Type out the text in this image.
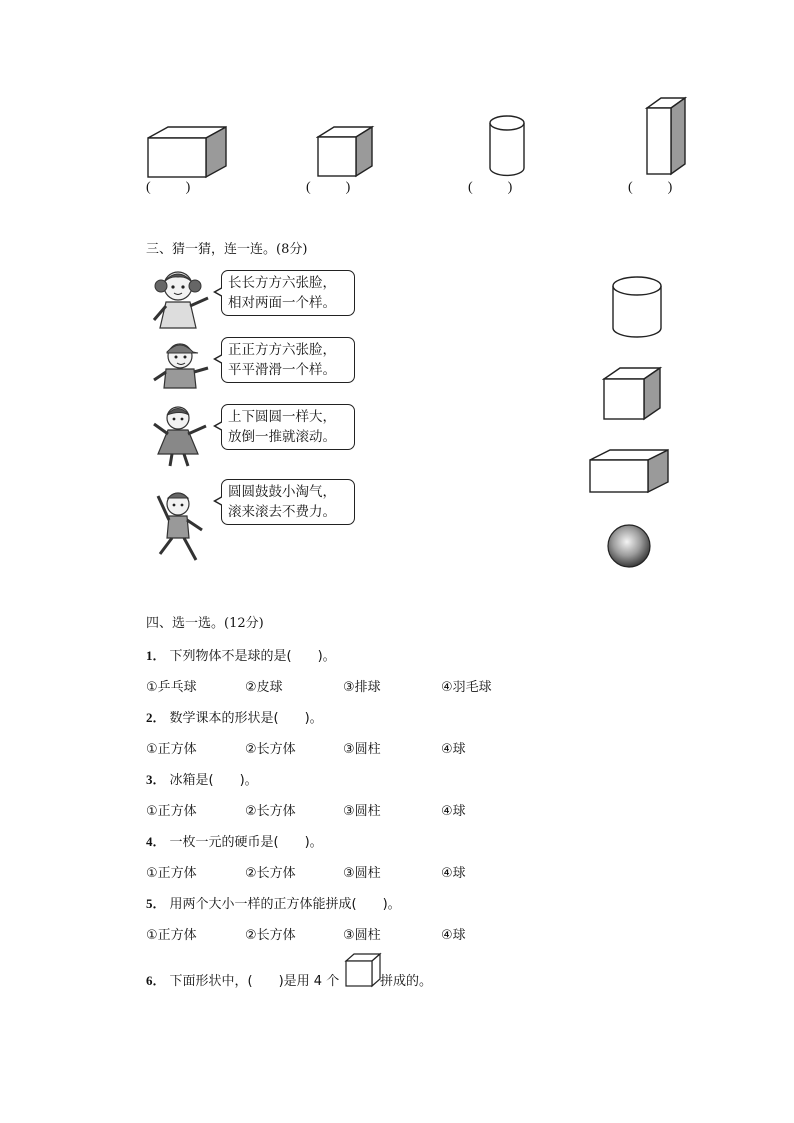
(          )	(          )	(          )	(          )
三、猜一猜，连一连。(8分)
长长方方六张脸，
相对两面一个样。
正正方方六张脸，
平平滑滑一个样。
上下圆圆一样大，
放倒一推就滚动。
圆圆鼓鼓小淘气，
滚来滚去不费力。
四、选一选。(12分)
1． 下列物体不是球的是(　　)。
①乒乓球	②皮球	③排球	④羽毛球
2． 数学课本的形状是(　　)。
①正方体	②长方体	③圆柱	④球
3． 冰箱是(　　)。
①正方体	②长方体	③圆柱	④球
4． 一枚一元的硬币是(　　)。
①正方体	②长方体	③圆柱	④球
5． 用两个大小一样的正方体能拼成(　　)。
①正方体	②长方体	③圆柱	④球
6． 下面形状中，(　　)是用 4 个	拼成的。
